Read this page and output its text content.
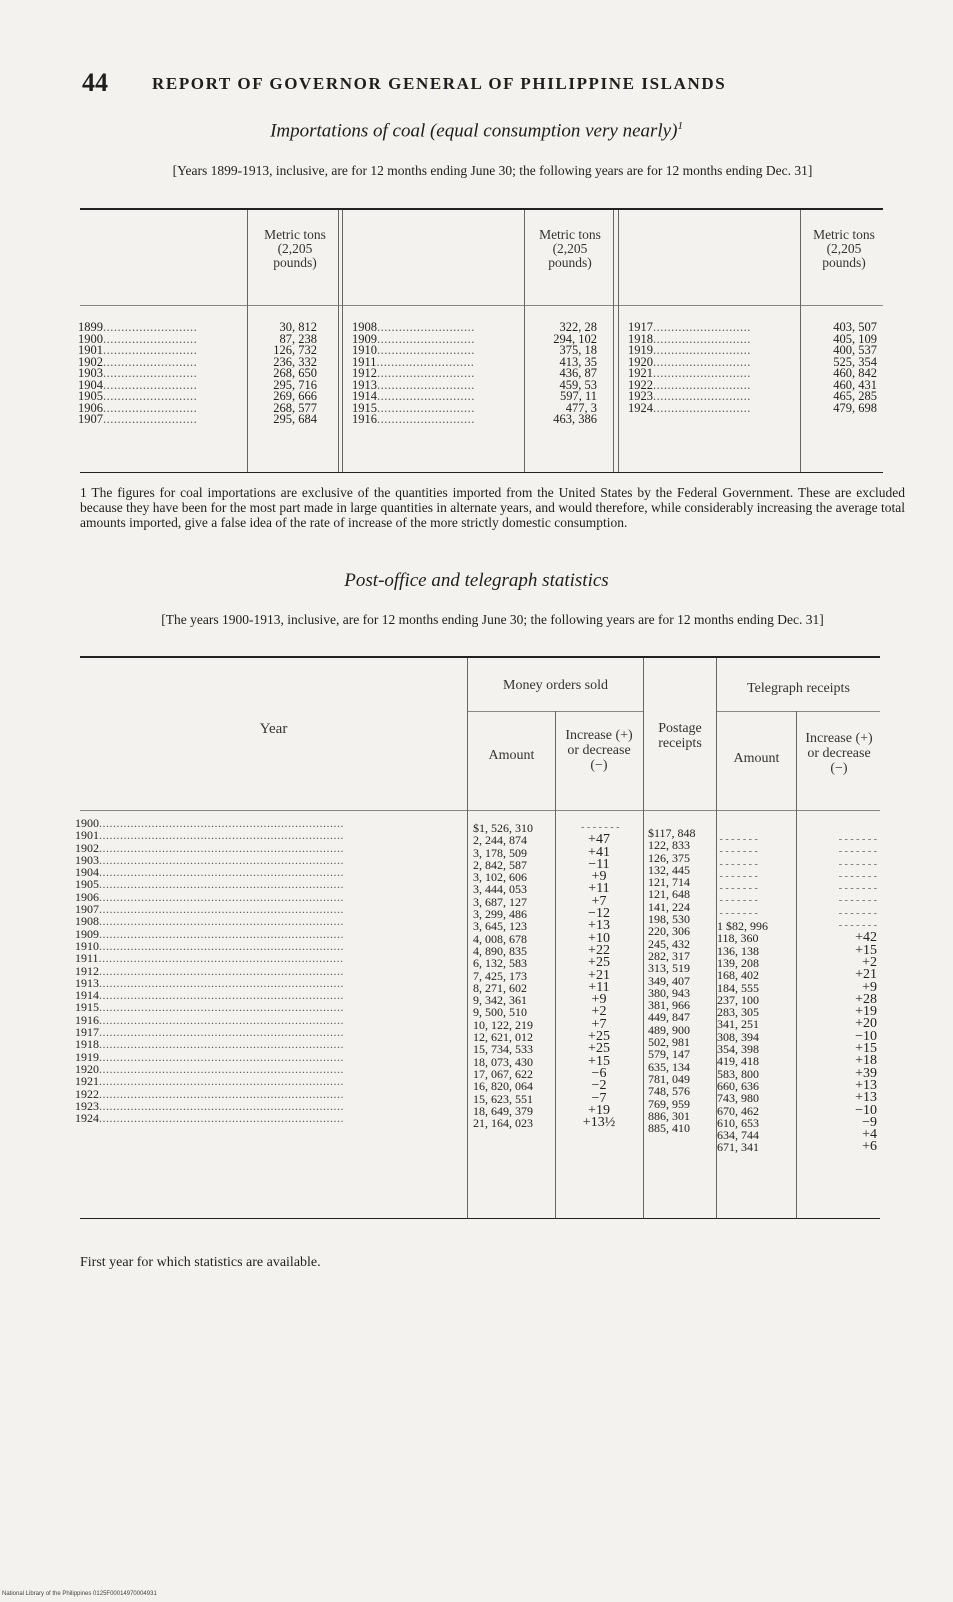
44	REPORT OF GOVERNOR GENERAL OF PHILIPPINE ISLANDS
Importations of coal (equal consumption very nearly)$^1$
[Years 1899-1913, inclusive, are for 12 months ending June 30; the following years are for 12 months ending Dec. 31]
Metric tons (2,205 pounds)
Metric tons (2,205 pounds)
Metric tons (2,205 pounds)
1899..........................
1900..........................
1901..........................
1902..........................
1903..........................
1904..........................
1905..........................
1906..........................
1907..........................
30, 812
87, 238
126, 732
236, 332
268, 650
295, 716
269, 666
268, 577
295, 684
1908...........................
1909...........................
1910...........................
1911...........................
1912...........................
1913...........................
1914...........................
1915...........................
1916...........................
322, 28
294, 102
375, 18
413, 35
436, 87
459, 53
597, 11
477, 3
463, 386
1917...........................
1918...........................
1919...........................
1920...........................
1921...........................
1922...........................
1923...........................
1924...........................
403, 507
405, 109
400, 537
525, 354
460, 842
460, 431
465, 285
479, 698
1 The figures for coal importations are exclusive of the quantities imported from the United States by the Federal Government. These are excluded because they have been for the most part made in large quantities in alternate years, and would therefore, while considerably increasing the average total amounts imported, give a false idea of the rate of increase of the more strictly domestic consumption.
Post-office and telegraph statistics
[The years 1900-1913, inclusive, are for 12 months ending June 30; the following years are for 12 months ending Dec. 31]
Year
Money orders sold
Amount
Increase (+) or decrease (−)
Postage receipts
Telegraph receipts
Amount
Increase (+) or decrease (−)
1900......................................................................
1901......................................................................
1902......................................................................
1903......................................................................
1904......................................................................
1905......................................................................
1906......................................................................
1907......................................................................
1908......................................................................
1909......................................................................
1910......................................................................
1911......................................................................
1912......................................................................
1913......................................................................
1914......................................................................
1915......................................................................
1916......................................................................
1917......................................................................
1918......................................................................
1919......................................................................
1920......................................................................
1921......................................................................
1922......................................................................
1923......................................................................
1924......................................................................
$1, 526, 310
2, 244, 874
3, 178, 509
2, 842, 587
3, 102, 606
3, 444, 053
3, 687, 127
3, 299, 486
3, 645, 123
4, 008, 678
4, 890, 835
6, 132, 583
7, 425, 173
8, 271, 602
9, 342, 361
9, 500, 510
10, 122, 219
12, 621, 012
15, 734, 533
18, 073, 430
17, 067, 622
16, 820, 064
15, 623, 551
18, 649, 379
21, 164, 023
- - - - - - -
+47
+41
−11
+9
+11
+7
−12
+13
+10
+22
+25
+21
+11
+9
+2
+7
+25
+25
+15
−6
−2
−7
+19
+13½
$117, 848
122, 833
126, 375
132, 445
121, 714
121, 648
141, 224
198, 530
220, 306
245, 432
282, 317
313, 519
349, 407
380, 943
381, 966
449, 847
489, 900
502, 981
579, 147
635, 134
781, 049
748, 576
769, 959
886, 301
885, 410
- - - - - - -
- - - - - - -
- - - - - - -
- - - - - - -
- - - - - - -
- - - - - - -
- - - - - - -
1 $82, 996
118, 360
136, 138
139, 208
168, 402
184, 555
237, 100
283, 305
341, 251
308, 394
354, 398
419, 418
583, 800
660, 636
743, 980
670, 462
610, 653
634, 744
671, 341
- - - - - - -
- - - - - - -
- - - - - - -
- - - - - - -
- - - - - - -
- - - - - - -
- - - - - - -
- - - - - - -
+42
+15
+2
+21
+9
+28
+19
+20
−10
+15
+18
+39
+13
+13
−10
−9
+4
+6
First year for which statistics are available.
National Library of the Philippines 0125F00014970004931
